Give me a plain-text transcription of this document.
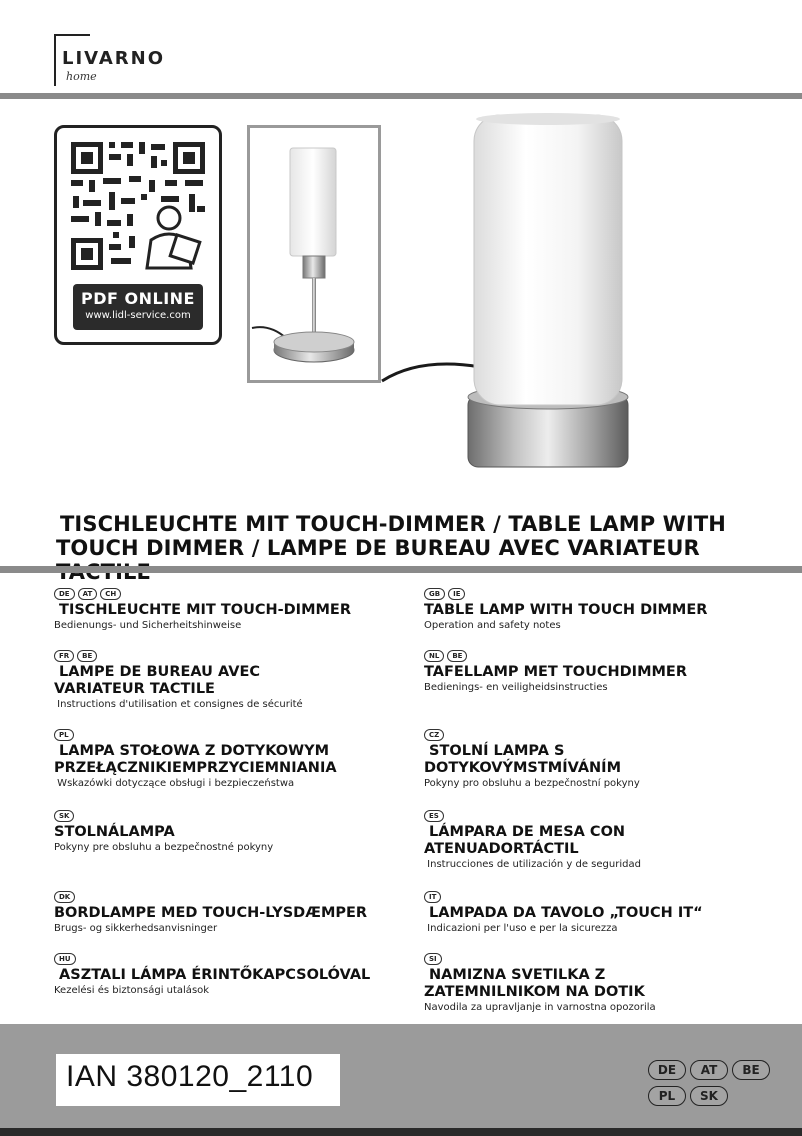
LIVARNO
home
PDF ONLINE
www.lidl-service.com
TISCHLEUCHTE MIT TOUCH-DIMMER / TABLE LAMP WITH
TOUCH DIMMER / LAMPE DE BUREAU AVEC VARIATEUR
DE	AT	CH
TISCHLEUCHTE MIT TOUCH-DIMMER
Bedienungs- und Sicherheitshinweise
FR	BE
LAMPE DE BUREAU AVEC
VARIATEUR TACTILE
Instructions d'utilisation et consignes de sécurité
PL
LAMPA STOŁOWA Z DOTYKOWYM
PRZEŁĄCZNIKIEMPRZYCIEMNIANIA
Wskazówki dotyczące obsługi i bezpieczeństwa
SK
STOLNÁLAMPA
Pokyny pre obsluhu a bezpečnostné pokyny
DK
BORDLAMPE MED TOUCH-LYSDÆMPER
Brugs- og sikkerhedsanvisninger
HU
ASZTALI LÁMPA ÉRINTŐKAPCSOLÓVAL
Kezelési és biztonsági utalások
GB	IE
TABLE LAMP WITH TOUCH DIMMER
Operation and safety notes
NL	BE
TAFELLAMP MET TOUCHDIMMER
Bedienings- en veiligheidsinstructies
CZ
STOLNÍ LAMPA S
DOTYKOVÝMSTMÍVÁNÍM
Pokyny pro obsluhu a bezpečnostní pokyny
ES
LÁMPARA DE MESA CON
ATENUADORTÁCTIL
Instrucciones de utilización y de seguridad
IT
LAMPADA DA TAVOLO „TOUCH IT“
Indicazioni per l'uso e per la sicurezza
SI
NAMIZNA SVETILKA Z
ZATEMNILNIKOM NA DOTIK
Navodila za upravljanje in varnostna opozorila
IAN 380120_2110	DE	AT	BE
PL	SK
